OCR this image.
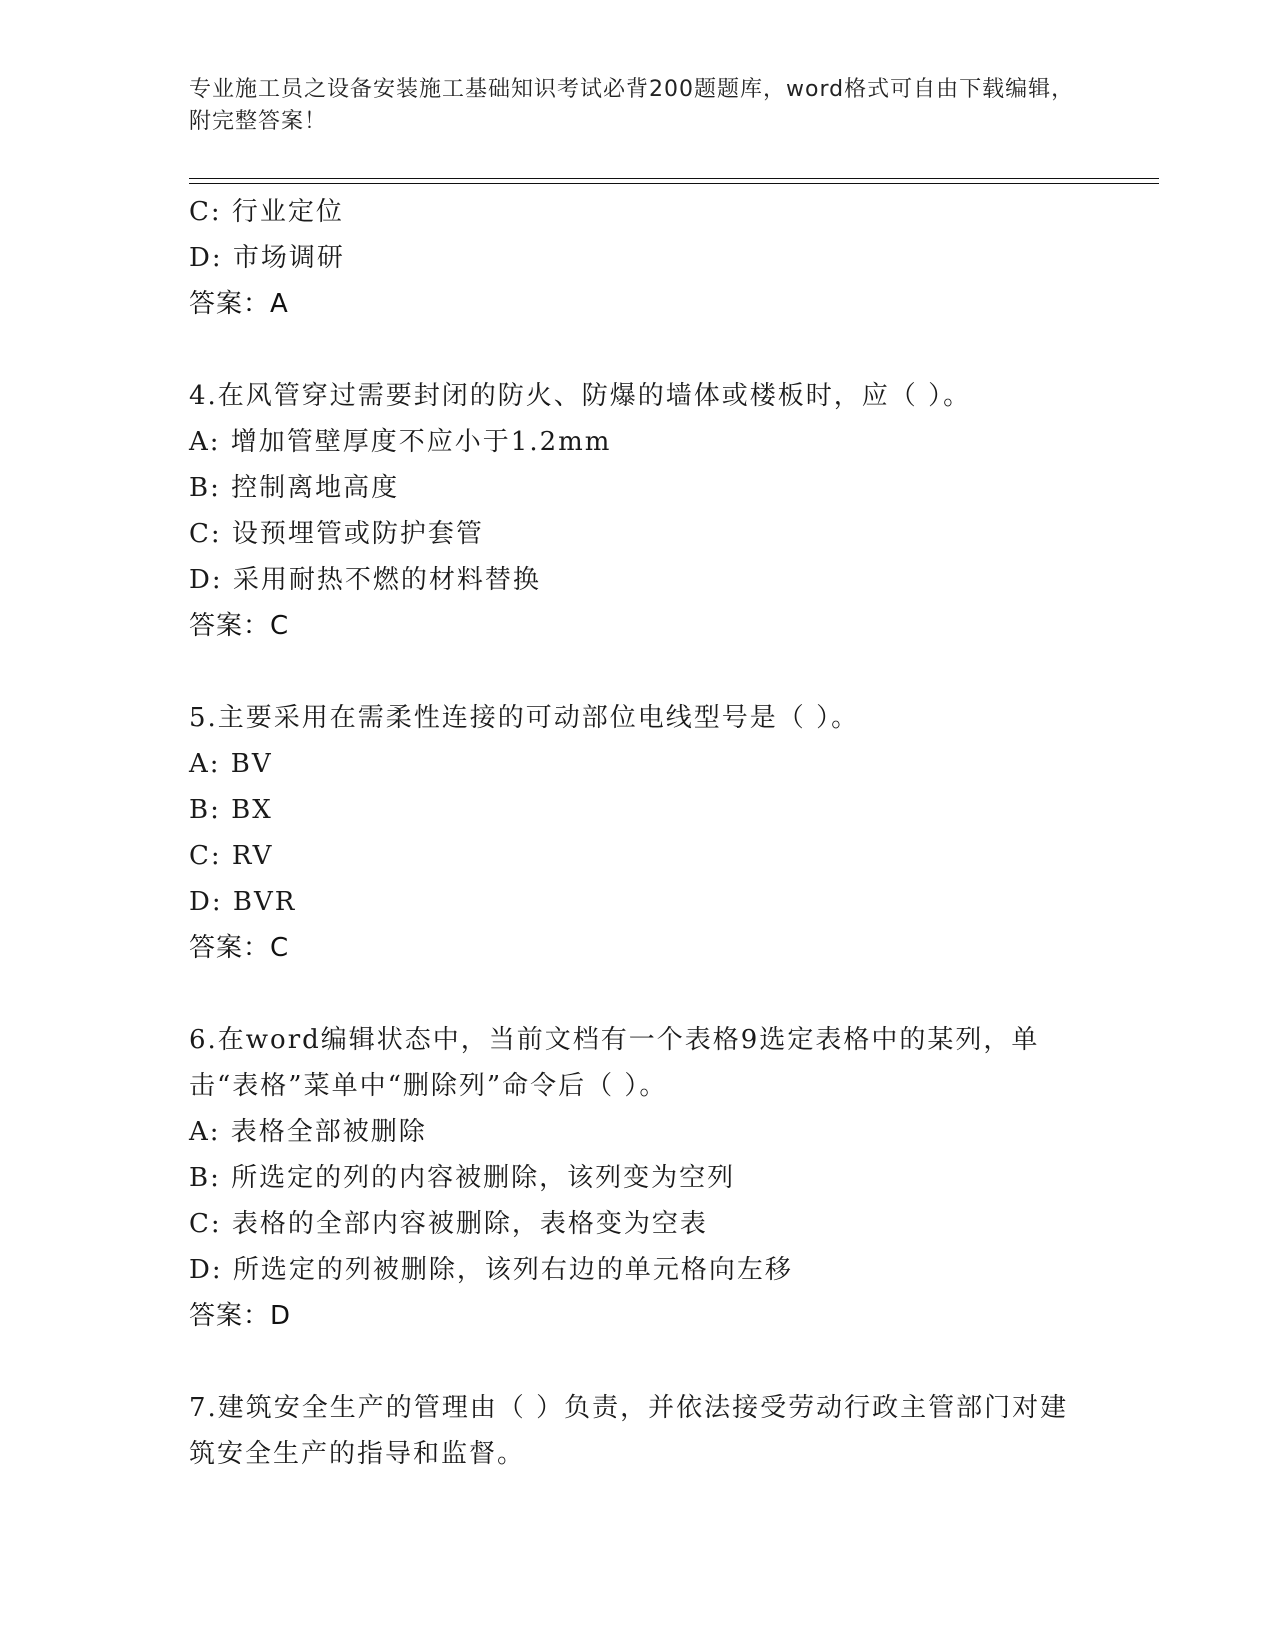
专业施工员之设备安装施工基础知识考试必背200题题库，word格式可自由下载编辑，附完整答案！
C: 行业定位
D: 市场调研
答案：A
4.在风管穿过需要封闭的防火、防爆的墙体或楼板时，应（ ）。
A: 增加管壁厚度不应小于1.2mm
B: 控制离地高度
C: 设预埋管或防护套管
D: 采用耐热不燃的材料替换
答案：C
5.主要采用在需柔性连接的可动部位电线型号是（ ）。
A: BV
B: BX
C: RV
D: BVR
答案：C
6.在word编辑状态中，当前文档有一个表格9选定表格中的某列，单击“表格”菜单中“删除列”命令后（ ）。
A: 表格全部被删除
B: 所选定的列的内容被删除，该列变为空列
C: 表格的全部内容被删除，表格变为空表
D: 所选定的列被删除，该列右边的单元格向左移
答案：D
7.建筑安全生产的管理由（ ）负责，并依法接受劳动行政主管部门对建筑安全生产的指导和监督。
